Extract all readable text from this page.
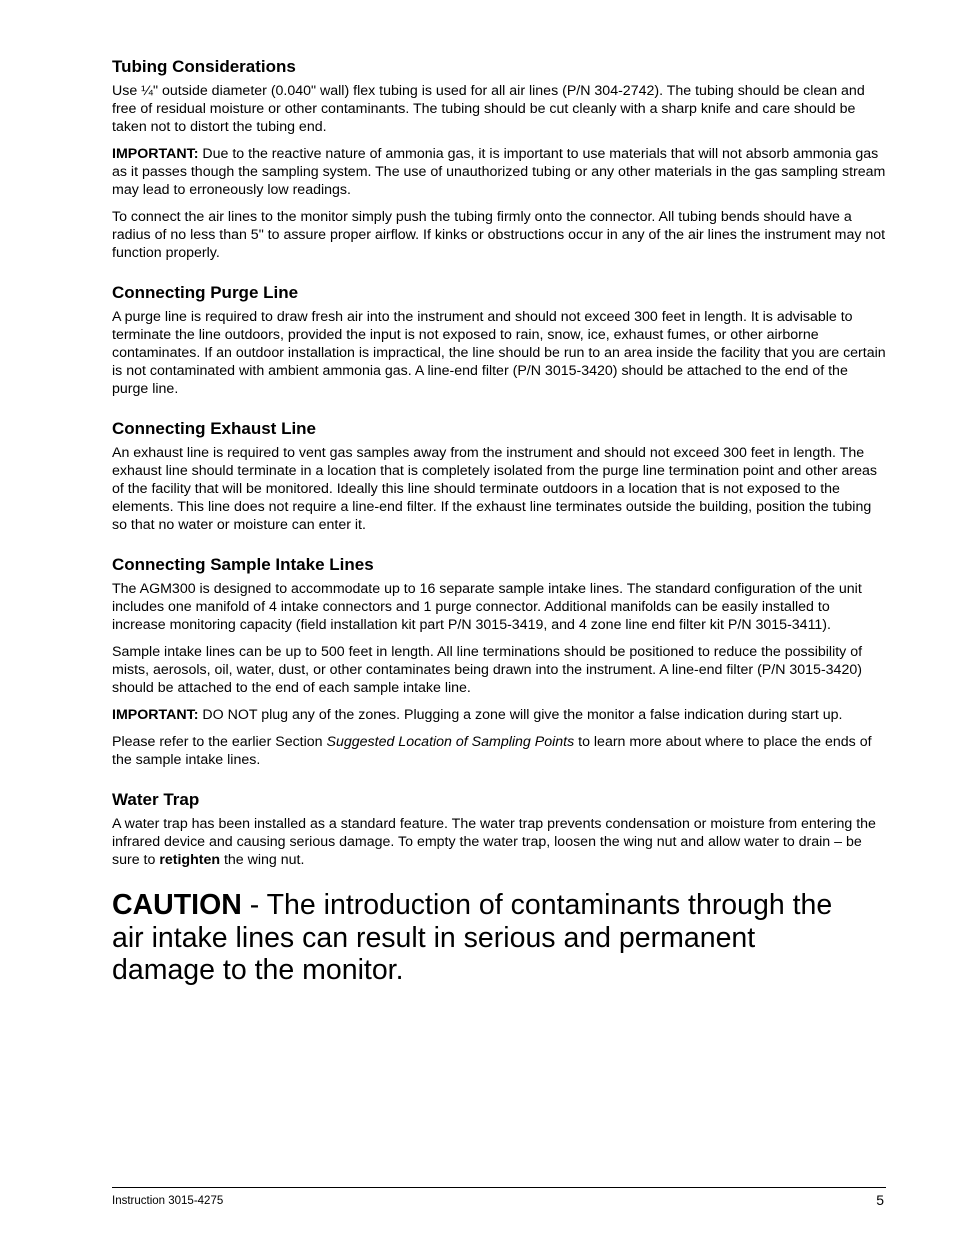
Tubing Considerations

Use ¼" outside diameter (0.040" wall) flex tubing is used for all air lines (P/N 304-2742). The tubing should be clean and free of residual moisture or other contaminants. The tubing should be cut cleanly with a sharp knife and care should be taken not to distort the tubing end.

IMPORTANT: Due to the reactive nature of ammonia gas, it is important to use materials that will not absorb ammonia gas as it passes though the sampling system. The use of unauthorized tubing or any other materials in the gas sampling stream may lead to erroneously low readings.

To connect the air lines to the monitor simply push the tubing firmly onto the connector. All tubing bends should have a radius of no less than 5" to assure proper airflow. If kinks or obstructions occur in any of the air lines the instrument may not function properly.

Connecting Purge Line

A purge line is required to draw fresh air into the instrument and should not exceed 300 feet in length. It is advisable to terminate the line outdoors, provided the input is not exposed to rain, snow, ice, exhaust fumes, or other airborne contaminates. If an outdoor installation is impractical, the line should be run to an area inside the facility that you are certain is not contaminated with ambient ammonia gas. A line-end filter (P/N 3015-3420) should be attached to the end of the purge line.

Connecting Exhaust Line

An exhaust line is required to vent gas samples away from the instrument and should not exceed 300 feet in length. The exhaust line should terminate in a location that is completely isolated from the purge line termination point and other areas of the facility that will be monitored. Ideally this line should terminate outdoors in a location that is not exposed to the elements. This line does not require a line-end filter. If the exhaust line terminates outside the building, position the tubing so that no water or moisture can enter it.

Connecting Sample Intake Lines

The AGM300 is designed to accommodate up to 16 separate sample intake lines. The standard configuration of the unit includes one manifold of 4 intake connectors and 1 purge connector. Additional manifolds can be easily installed to increase monitoring capacity (field installation kit part P/N 3015-3419, and 4 zone line end filter kit P/N 3015-3411).

Sample intake lines can be up to 500 feet in length. All line terminations should be positioned to reduce the possibility of mists, aerosols, oil, water, dust, or other contaminates being drawn into the instrument. A line-end filter (P/N 3015-3420) should be attached to the end of each sample intake line.

IMPORTANT: DO NOT plug any of the zones. Plugging a zone will give the monitor a false indication during start up.

Please refer to the earlier Section Suggested Location of Sampling Points to learn more about where to place the ends of the sample intake lines.

Water Trap

A water trap has been installed as a standard feature. The water trap prevents condensation or moisture from entering the infrared device and causing serious damage. To empty the water trap, loosen the wing nut and allow water to drain – be sure to retighten the wing nut.

CAUTION - The introduction of contaminants through the air intake lines can result in serious and permanent damage to the monitor.
Instruction 3015-4275	5
